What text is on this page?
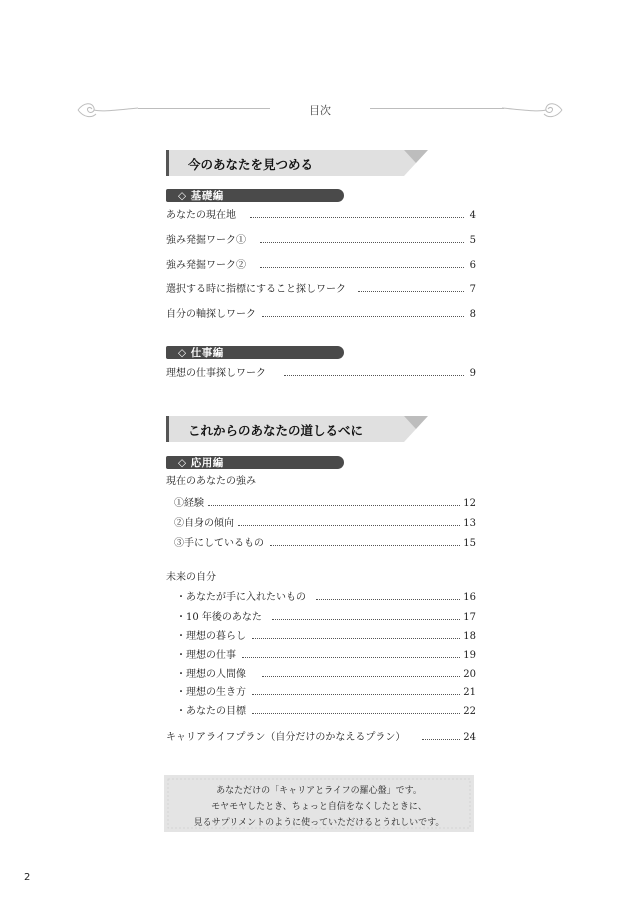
目次
今のあなたを見つめる
◇ 基礎編
あなたの現在地	4
強み発掘ワーク①	5
強み発掘ワーク②	6
選択する時に指標にすること探しワーク	7
自分の軸探しワーク	8
◇ 仕事編
理想の仕事探しワーク	9
これからのあなたの道しるべに
◇ 応用編
現在のあなたの強み
①経験	12
②自身の傾向	13
③手にしているもの	15
未来の自分
・あなたが手に入れたいもの	16
・10 年後のあなた	17
・理想の暮らし	18
・理想の仕事	19
・理想の人間像	20
・理想の生き方	21
・あなたの目標	22
キャリアライフプラン（自分だけのかなえるプラン）	24
あなただけの「キャリアとライフの羅心盤」です。
モヤモヤしたとき、ちょっと自信をなくしたときに、
見るサプリメントのように使っていただけるとうれしいです。
2
